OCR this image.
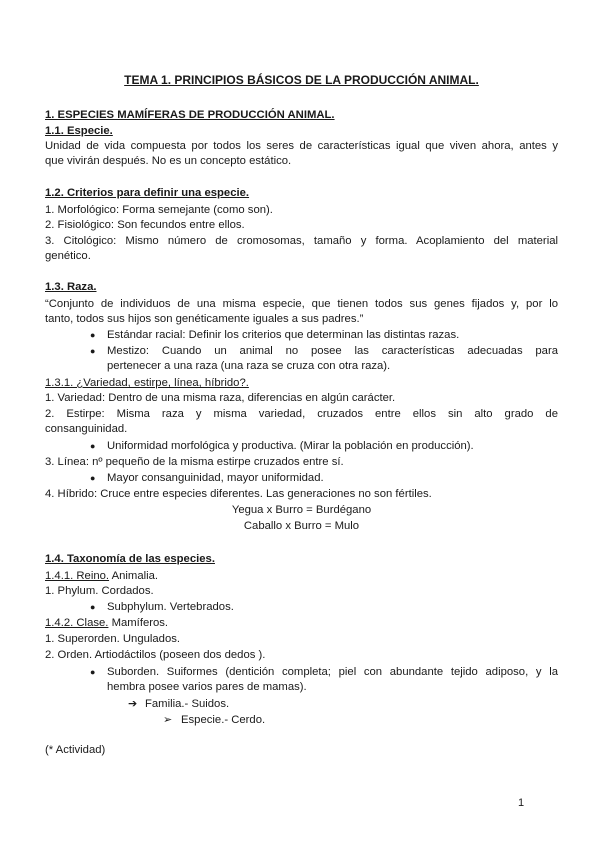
TEMA 1. PRINCIPIOS BÁSICOS DE LA PRODUCCIÓN ANIMAL.
1. ESPECIES MAMÍFERAS DE PRODUCCIÓN ANIMAL.
1.1. Especie.
Unidad de vida compuesta por todos los seres de características igual que viven ahora, antes y
que vivirán después. No es un concepto estático.
1.2. Criterios para definir una especie.
1. Morfológico: Forma semejante (como son).
2. Fisiológico: Son fecundos entre ellos.
3. Citológico: Mismo número de cromosomas, tamaño y forma. Acoplamiento del material
genético.
1.3. Raza.
“Conjunto de individuos de una misma especie, que tienen todos sus genes fijados y, por lo
tanto, todos sus hijos son genéticamente iguales a sus padres.”
● Estándar racial: Definir los criterios que determinan las distintas razas.
● Mestizo: Cuando un animal no posee las características adecuadas para
pertenecer a una raza (una raza se cruza con otra raza).
1.3.1. ¿Variedad, estirpe, línea, híbrido?.
1. Variedad: Dentro de una misma raza, diferencias en algún carácter.
2. Estirpe: Misma raza y misma variedad, cruzados entre ellos sin alto grado de
consanguinidad.
● Uniformidad morfológica y productiva. (Mirar la población en producción).
3. Línea: nº pequeño de la misma estirpe cruzados entre sí.
● Mayor consanguinidad, mayor uniformidad.
4. Híbrido: Cruce entre especies diferentes. Las generaciones no son fértiles.
Yegua x Burro = Burdégano
Caballo x Burro = Mulo
1.4. Taxonomía de las especies.
1.4.1. Reino. Animalia.
1. Phylum. Cordados.
● Subphylum. Vertebrados.
1.4.2. Clase. Mamíferos.
1. Superorden. Ungulados.
2. Orden. Artiodáctilos (poseen dos dedos ).
● Suborden. Suiformes (dentición completa; piel con abundante tejido adiposo, y la
hembra posee varios pares de mamas).
➔ Familia.- Suidos.
➢ Especie.- Cerdo.
(* Actividad)
1
